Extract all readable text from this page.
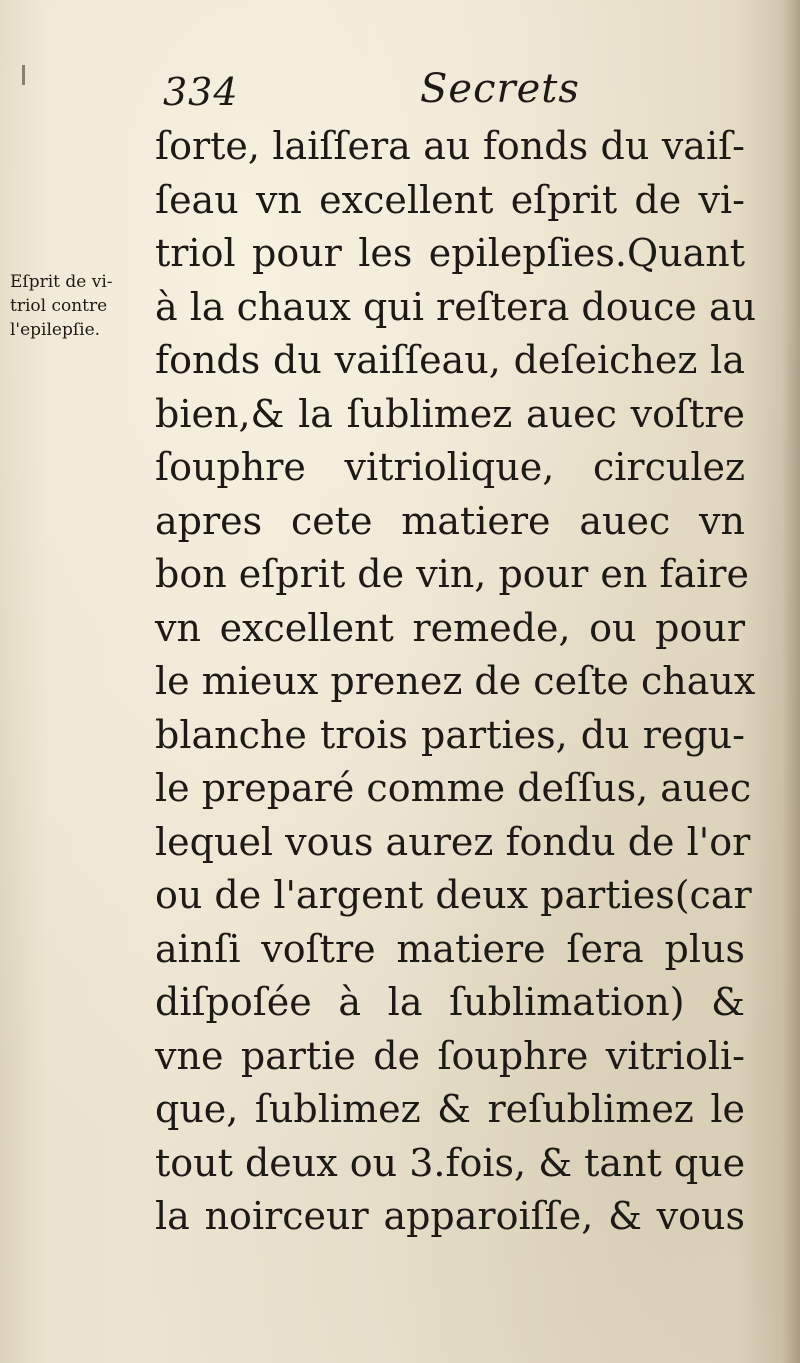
334	Secrets
Eſprit de vi-
triol contre
l'epilepſie.
ſorte, laiſſera au fonds du vaiſ-
ſeau vn excellent eſprit de vi-
triol pour les epilepſies.Quant
à la chaux qui reſtera douce au
fonds du vaiſſeau, deſeichez la
bien,& la ſublimez auec voſtre
ſouphre vitriolique, circulez
apres cete matiere auec vn
bon eſprit de vin, pour en faire
vn excellent remede, ou pour
le mieux prenez de ceſte chaux
blanche trois parties, du regu-
le preparé comme deſſus, auec
lequel vous aurez fondu de l'or
ou de l'argent deux parties(car
ainſi voſtre matiere ſera plus
diſpoſée à la ſublimation) &
vne partie de ſouphre vitrioli-
que, ſublimez & reſublimez le
tout deux ou 3.fois, & tant que
la noirceur apparoiſſe, & vous
